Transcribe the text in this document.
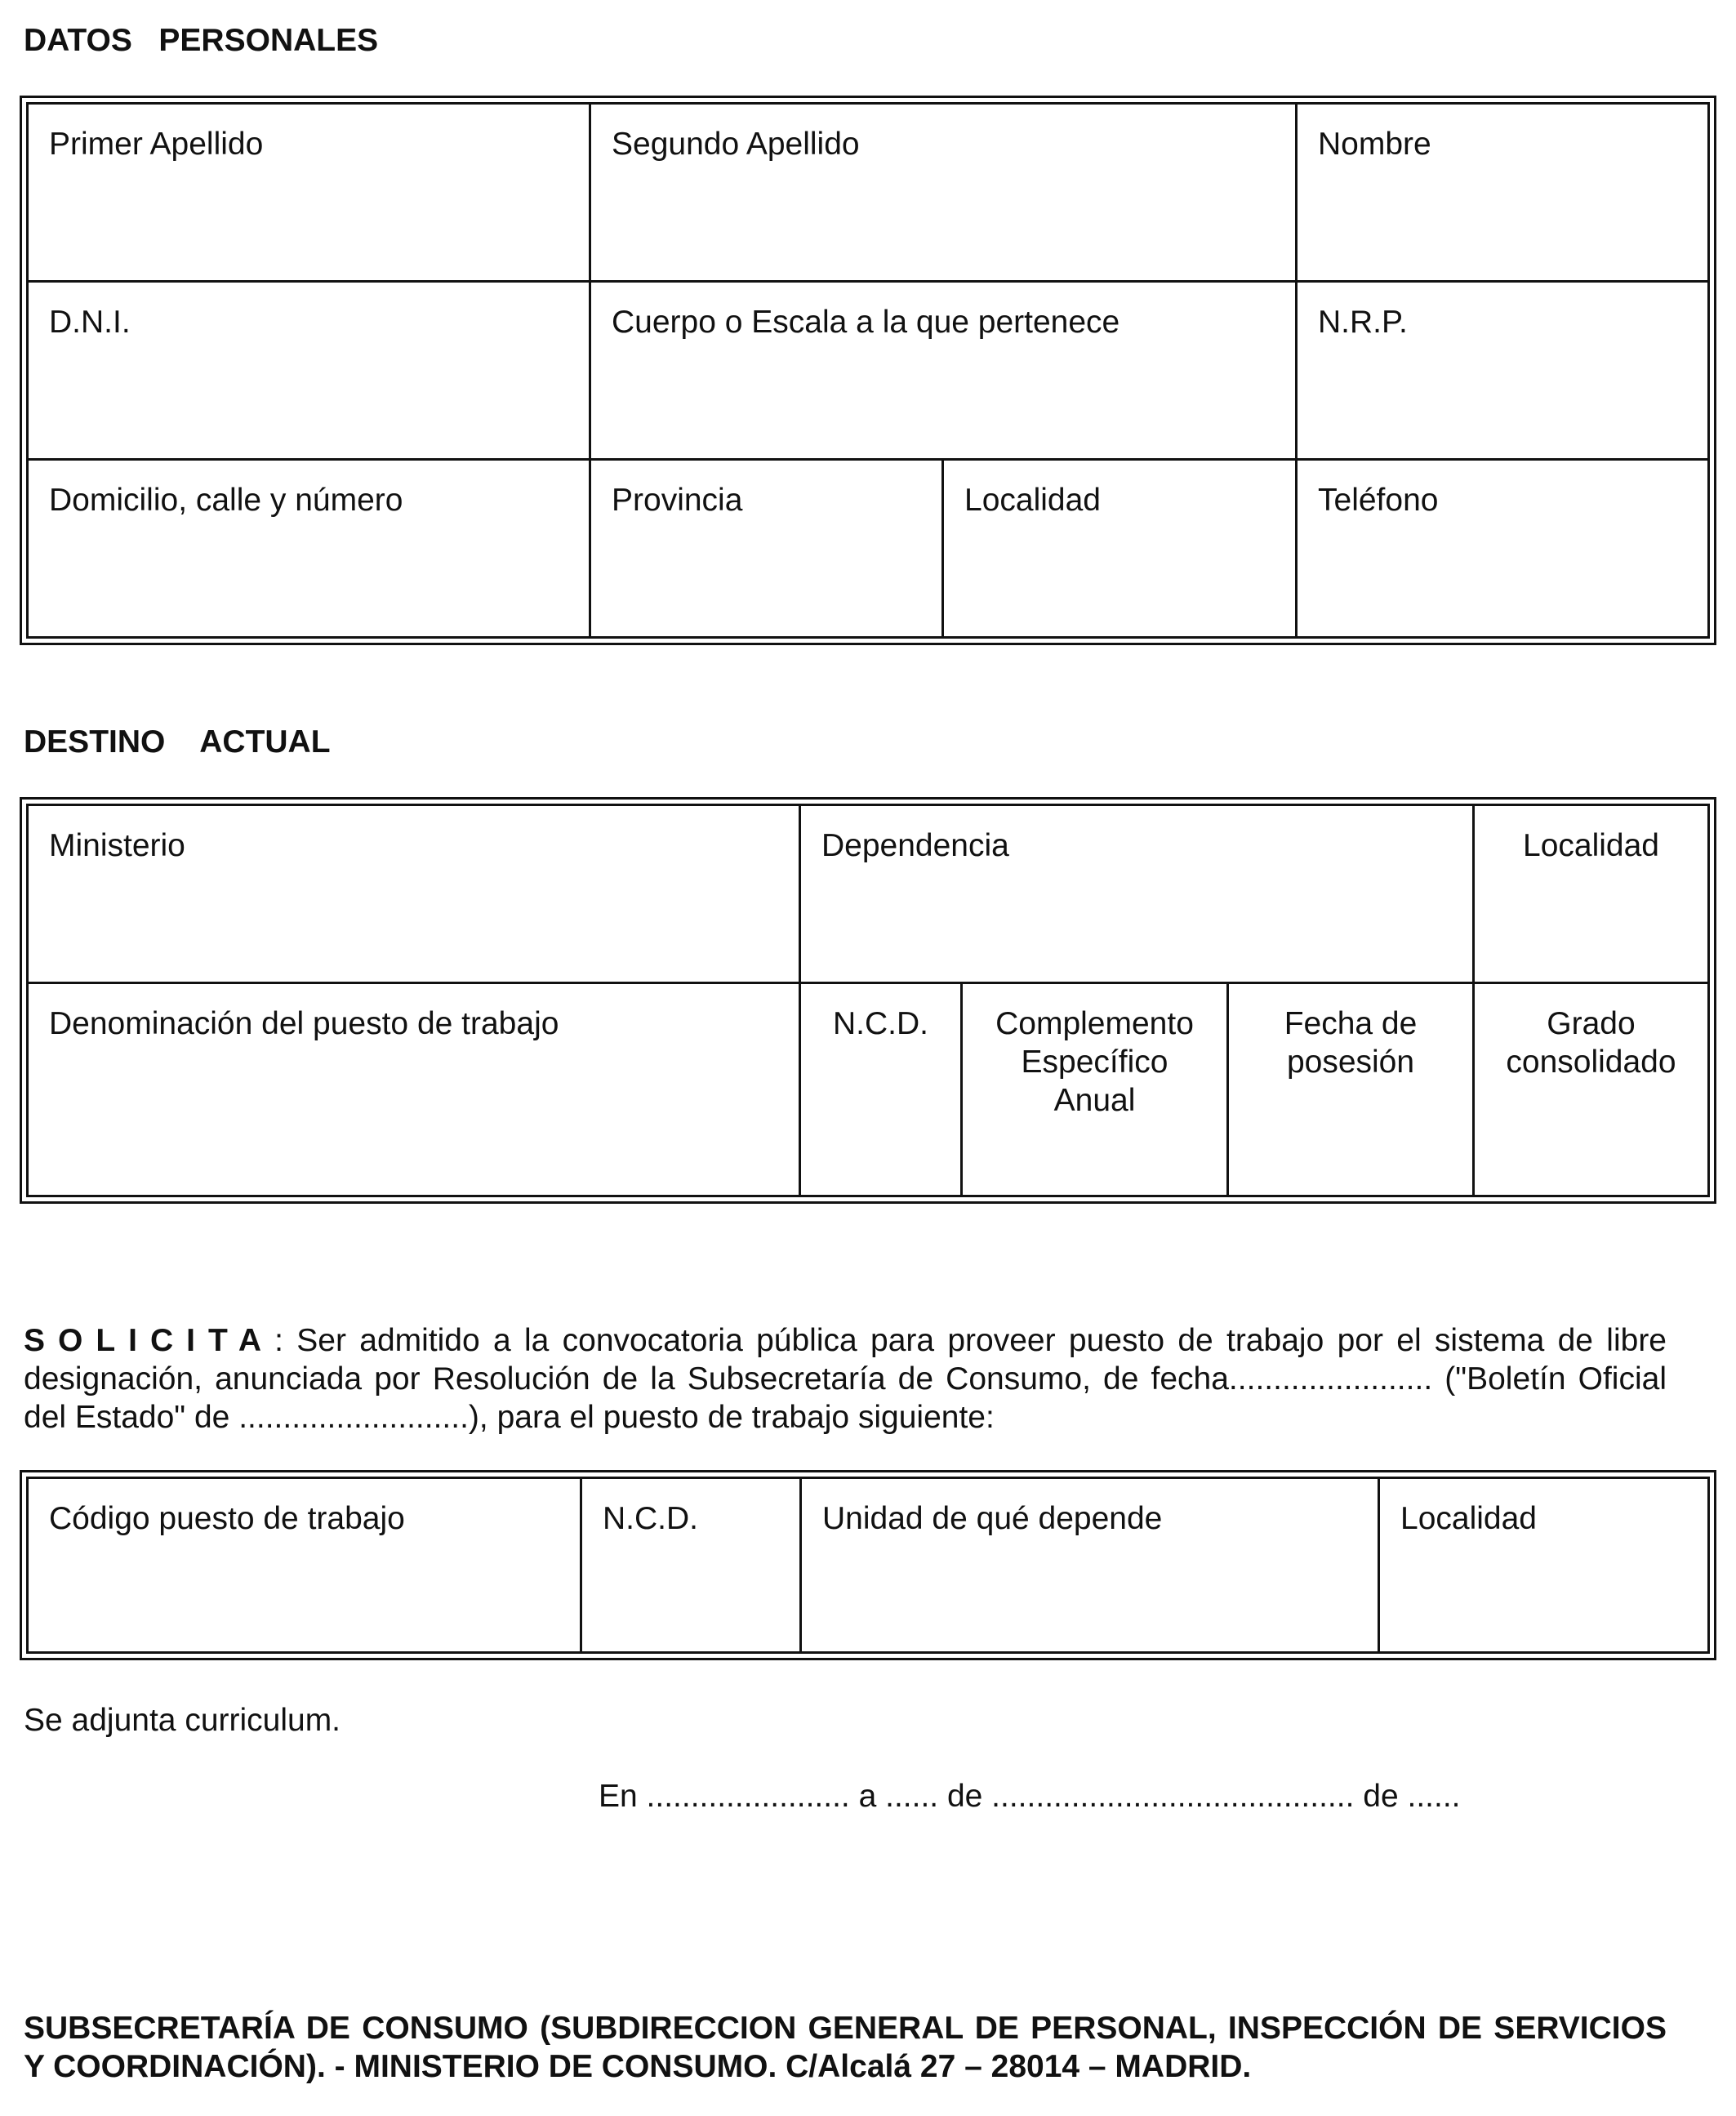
DATOS   PERSONALES
Primer Apellido	Segundo Apellido		Nombre
D.N.I.	Cuerpo o Escala a la que pertenece		N.R.P.
Domicilio, calle y número	Provincia	Localidad	Teléfono
DESTINO    ACTUAL
Ministerio	Dependencia			Localidad
Denominación del puesto de trabajo	N.C.D.	Complemento Específico Anual	Fecha de posesión	Grado consolidado
SOLICITA: Ser admitido a la convocatoria pública para proveer puesto de trabajo por el sistema de libre designación, anunciada por Resolución de la Subsecretaría de Consumo, de fecha....................... ("Boletín Oficial del Estado" de ..........................), para el puesto de trabajo siguiente:
Código puesto de trabajo	N.C.D.	Unidad de qué depende	Localidad
Se adjunta curriculum.
En ....................... a ...... de ......................................... de ......
SUBSECRETARÍA DE CONSUMO (SUBDIRECCION GENERAL DE PERSONAL, INSPECCIÓN DE SERVICIOS Y COORDINACIÓN). - MINISTERIO DE CONSUMO. C/Alcalá 27 – 28014 – MADRID.
